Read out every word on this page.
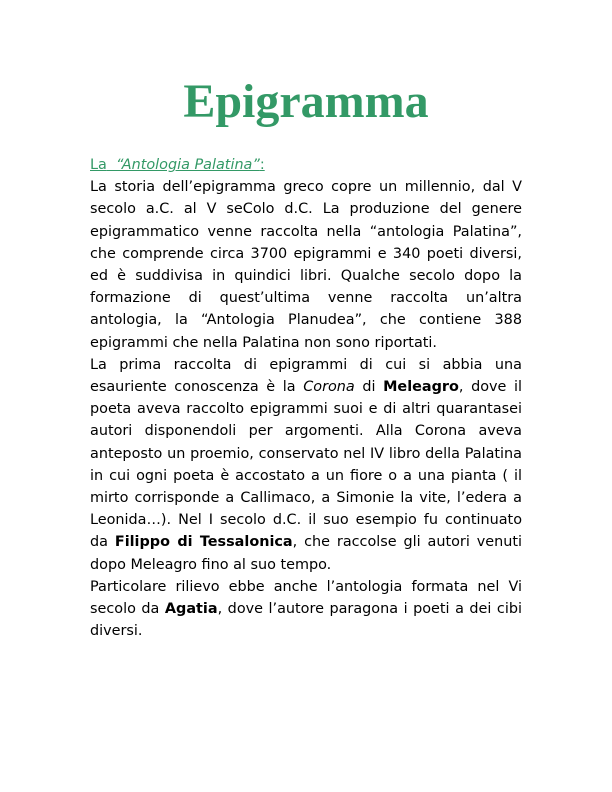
Epigramma
La “Antologia Palatina”:

La storia dell’epigramma greco copre un millennio, dal V secolo a.C. al V seColo d.C. La produzione del genere epigrammatico venne raccolta nella “antologia Palatina”, che comprende circa 3700 epigrammi e 340 poeti diversi, ed è suddivisa in quindici libri. Qualche secolo dopo la formazione di quest’ultima venne raccolta un’altra antologia, la “Antologia Planudea”, che contiene 388 epigrammi che nella Palatina non sono riportati.

La prima raccolta di epigrammi di cui si abbia una esauriente conoscenza è la Corona di Meleagro, dove il poeta aveva raccolto epigrammi suoi e di altri quarantasei autori disponendoli per argomenti. Alla Corona aveva anteposto un proemio, conservato nel IV libro della Palatina in cui ogni poeta è accostato a un fiore o a una pianta ( il mirto corrisponde a Callimaco, a Simonie la vite, l’edera a Leonida…). Nel I secolo d.C. il suo esempio fu continuato da Filippo di Tessalonica, che raccolse gli autori venuti dopo Meleagro fino al suo tempo.

Particolare rilievo ebbe anche l’antologia formata nel Vi secolo da Agatia, dove l’autore paragona i poeti a dei cibi diversi.
